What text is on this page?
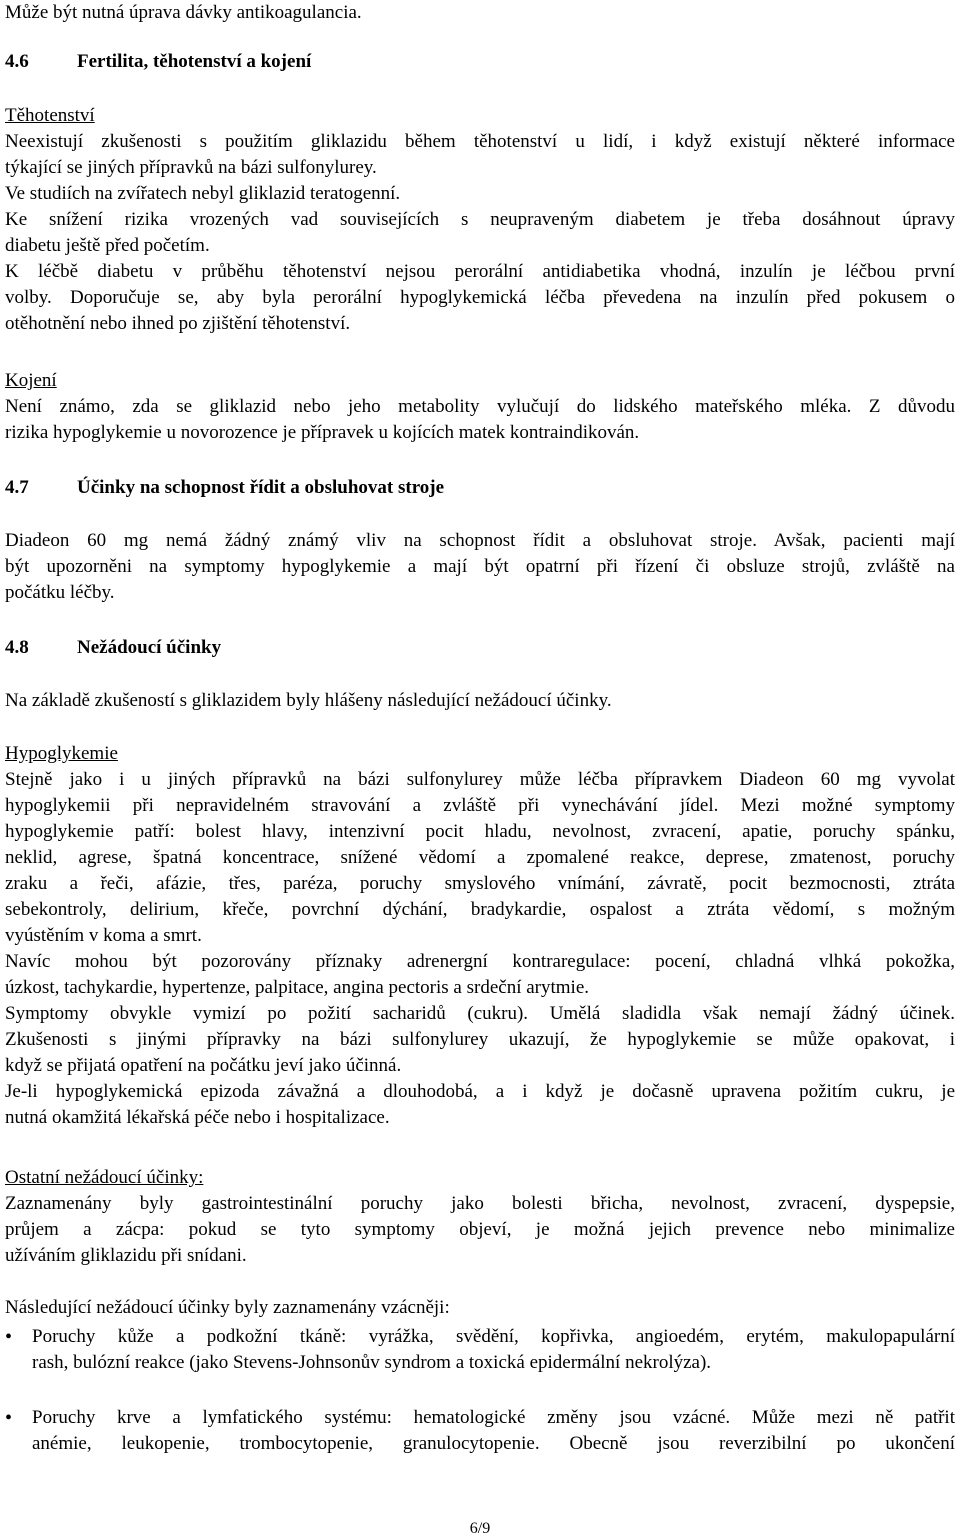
Může být nutná úprava dávky antikoagulancia.
4.6	Fertilita, těhotenství a kojení
Těhotenství
Neexistují zkušenosti s použitím gliklazidu během těhotenství u lidí, i když existují některé informace
týkající se jiných přípravků na bázi sulfonylurey.
Ve studiích na zvířatech nebyl gliklazid teratogenní.
Ke snížení rizika vrozených vad souvisejících s neupraveným diabetem je třeba dosáhnout úpravy
diabetu ještě před početím.
K léčbě diabetu v průběhu těhotenství nejsou perorální antidiabetika vhodná, inzulín je léčbou první
volby. Doporučuje se, aby byla perorální hypoglykemická léčba převedena na inzulín před pokusem o
otěhotnění nebo ihned po zjištění těhotenství.
Kojení
Není známo, zda se gliklazid nebo jeho metabolity vylučují do lidského mateřského mléka. Z důvodu
rizika hypoglykemie u novorozence je přípravek u kojících matek kontraindikován.
4.7	Účinky na schopnost řídit a obsluhovat stroje
Diadeon 60 mg nemá žádný známý vliv na schopnost řídit a obsluhovat stroje. Avšak, pacienti mají
být upozorněni na symptomy hypoglykemie a mají být opatrní při řízení či obsluze strojů, zvláště na
počátku léčby.
4.8	Nežádoucí účinky
Na základě zkušeností s gliklazidem byly hlášeny následující nežádoucí účinky.
Hypoglykemie
Stejně jako i u jiných přípravků na bázi sulfonylurey může léčba přípravkem Diadeon 60 mg vyvolat
hypoglykemii při nepravidelném stravování a zvláště při vynechávání jídel. Mezi možné symptomy
hypoglykemie patří: bolest hlavy, intenzivní pocit hladu, nevolnost, zvracení, apatie, poruchy spánku,
neklid, agrese, špatná koncentrace, snížené vědomí a zpomalené reakce, deprese, zmatenost, poruchy
zraku a řeči, afázie, třes, paréza, poruchy smyslového vnímání, závratě, pocit bezmocnosti, ztráta
sebekontroly, delirium, křeče, povrchní dýchání, bradykardie, ospalost a ztráta vědomí, s možným
vyústěním v koma a smrt.
Navíc mohou být pozorovány příznaky adrenergní kontraregulace: pocení, chladná vlhká pokožka,
úzkost, tachykardie, hypertenze, palpitace, angina pectoris a srdeční arytmie.
Symptomy obvykle vymizí po požití sacharidů (cukru). Umělá sladidla však nemají žádný účinek.
Zkušenosti s jinými přípravky na bázi sulfonylurey ukazují, že hypoglykemie se může opakovat, i
když se přijatá opatření na počátku jeví jako účinná.
Je-li hypoglykemická epizoda závažná a dlouhodobá, a i když je dočasně upravena požitím cukru, je
nutná okamžitá lékařská péče nebo i hospitalizace.
Ostatní nežádoucí účinky:
Zaznamenány byly gastrointestinální poruchy jako bolesti břicha, nevolnost, zvracení, dyspepsie,
průjem a zácpa: pokud se tyto symptomy objeví, je možná jejich prevence nebo minimalize
užíváním gliklazidu při snídani.
Následující nežádoucí účinky byly zaznamenány vzácněji:
•	Poruchy kůže a podkožní tkáně: vyrážka, svědění, kopřivka, angioedém, erytém, makulopapulární
rash, bulózní reakce (jako Stevens-Johnsonův syndrom a toxická epidermální nekrolýza).
•	Poruchy krve a lymfatického systému: hematologické změny jsou vzácné. Může mezi ně patřit
anémie, leukopenie, trombocytopenie, granulocytopenie. Obecně jsou reverzibilní po ukončení
6/9
